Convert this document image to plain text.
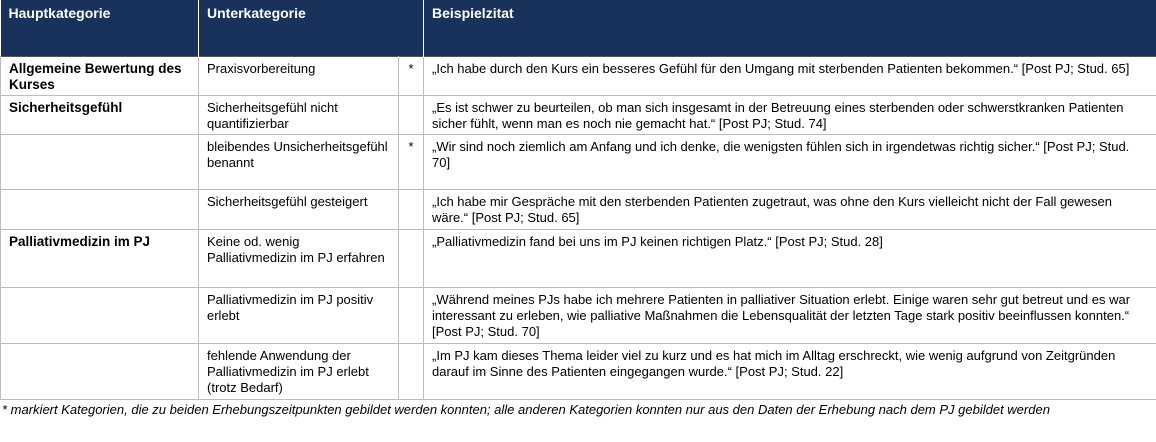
Hauptkategorie	Unterkategorie		Beispielzitat
Allgemeine Bewertung des Kurses	Praxisvorbereitung	*	„Ich habe durch den Kurs ein besseres Gefühl für den Umgang mit sterbenden Patienten bekommen.“ [Post PJ; Stud. 65]
Sicherheitsgefühl	Sicherheitsgefühl nicht quantifizierbar		„Es ist schwer zu beurteilen, ob man sich insgesamt in der Betreuung eines sterbenden oder schwerstkranken Patienten sicher fühlt, wenn man es noch nie gemacht hat.“ [Post PJ; Stud. 74]
	bleibendes Unsicherheitsgefühl benannt	*	„Wir sind noch ziemlich am Anfang und ich denke, die wenigsten fühlen sich in irgendetwas richtig sicher.“ [Post PJ; Stud. 70]
	Sicherheitsgefühl gesteigert		„Ich habe mir Gespräche mit den sterbenden Patienten zugetraut, was ohne den Kurs vielleicht nicht der Fall gewesen wäre.“ [Post PJ; Stud. 65]
Palliativmedizin im PJ	Keine od. wenig Palliativmedizin im PJ erfahren		„Palliativmedizin fand bei uns im PJ keinen richtigen Platz.“ [Post PJ; Stud. 28]
	Palliativmedizin im PJ positiv erlebt		„Während meines PJs habe ich mehrere Patienten in palliativer Situation erlebt. Einige waren sehr gut betreut und es war interessant zu erleben, wie palliative Maßnahmen die Lebensqualität der letzten Tage stark positiv beeinflussen konnten.“ [Post PJ; Stud. 70]
	fehlende Anwendung der Palliativmedizin im PJ erlebt (trotz Bedarf)		„Im PJ kam dieses Thema leider viel zu kurz und es hat mich im Alltag erschreckt, wie wenig aufgrund von Zeitgründen darauf im Sinne des Patienten eingegangen wurde.“ [Post PJ; Stud. 22]
* markiert Kategorien, die zu beiden Erhebungszeitpunkten gebildet werden konnten; alle anderen Kategorien konnten nur aus den Daten der Erhebung nach dem PJ gebildet werden
